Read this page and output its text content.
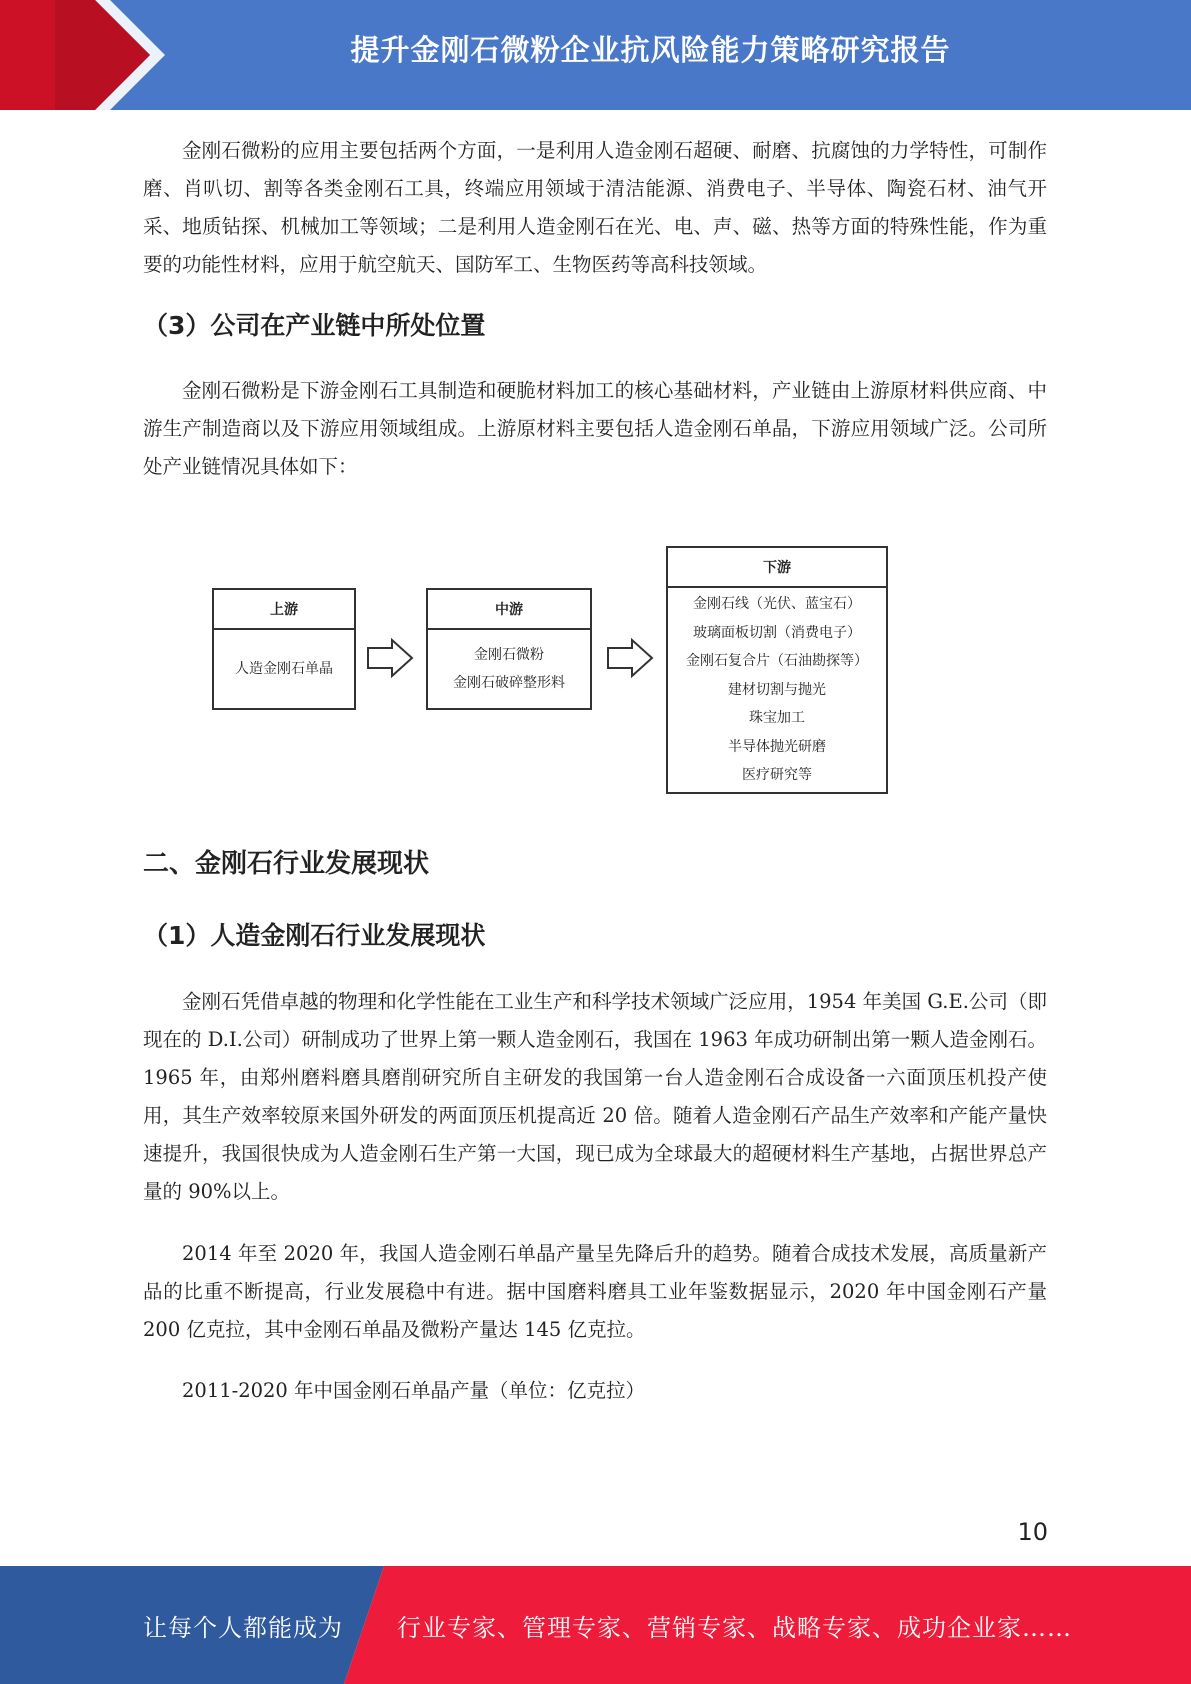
提升金刚石微粉企业抗风险能力策略研究报告

金刚石微粉的应用主要包括两个方面，一是利用人造金刚石超硬、耐磨、抗腐蚀的力学特性，可制作磨、肖叭切、割等各类金刚石工具，终端应用领域于清洁能源、消费电子、半导体、陶瓷石材、油气开采、地质钻探、机械加工等领域；二是利用人造金刚石在光、电、声、磁、热等方面的特殊性能，作为重要的功能性材料，应用于航空航天、国防军工、生物医药等高科技领域。

（3）公司在产业链中所处位置

金刚石微粉是下游金刚石工具制造和硬脆材料加工的核心基础材料，产业链由上游原材料供应商、中游生产制造商以及下游应用领域组成。上游原材料主要包括人造金刚石单晶，下游应用领域广泛。公司所处产业链情况具体如下：

上游
人造金刚石单晶
中游
金刚石微粉
金刚石破碎整形料
下游
金刚石线（光伏、蓝宝石）
玻璃面板切割（消费电子）
金刚石复合片（石油勘探等）
建材切割与抛光
珠宝加工
半导体抛光研磨
医疗研究等
二、金刚石行业发展现状
（1）人造金刚石行业发展现状

金刚石凭借卓越的物理和化学性能在工业生产和科学技术领域广泛应用，1954 年美国 G.E.公司（即现在的 D.I.公司）研制成功了世界上第一颗人造金刚石，我国在 1963 年成功研制出第一颗人造金刚石。1965 年，由郑州磨料磨具磨削研究所自主研发的我国第一台人造金刚石合成设备一六面顶压机投产使用，其生产效率较原来国外研发的两面顶压机提高近 20 倍。随着人造金刚石产品生产效率和产能产量快速提升，我国很快成为人造金刚石生产第一大国，现已成为全球最大的超硬材料生产基地，占据世界总产量的 90%以上。

2014 年至 2020 年，我国人造金刚石单晶产量呈先降后升的趋势。随着合成技术发展，高质量新产品的比重不断提高，行业发展稳中有进。据中国磨料磨具工业年鉴数据显示，2020 年中国金刚石产量 200 亿克拉，其中金刚石单晶及微粉产量达 145 亿克拉。

2011-2020 年中国金刚石单晶产量（单位：亿克拉）

10
让每个人都能成为 行业专家、管理专家、营销专家、战略专家、成功企业家……
